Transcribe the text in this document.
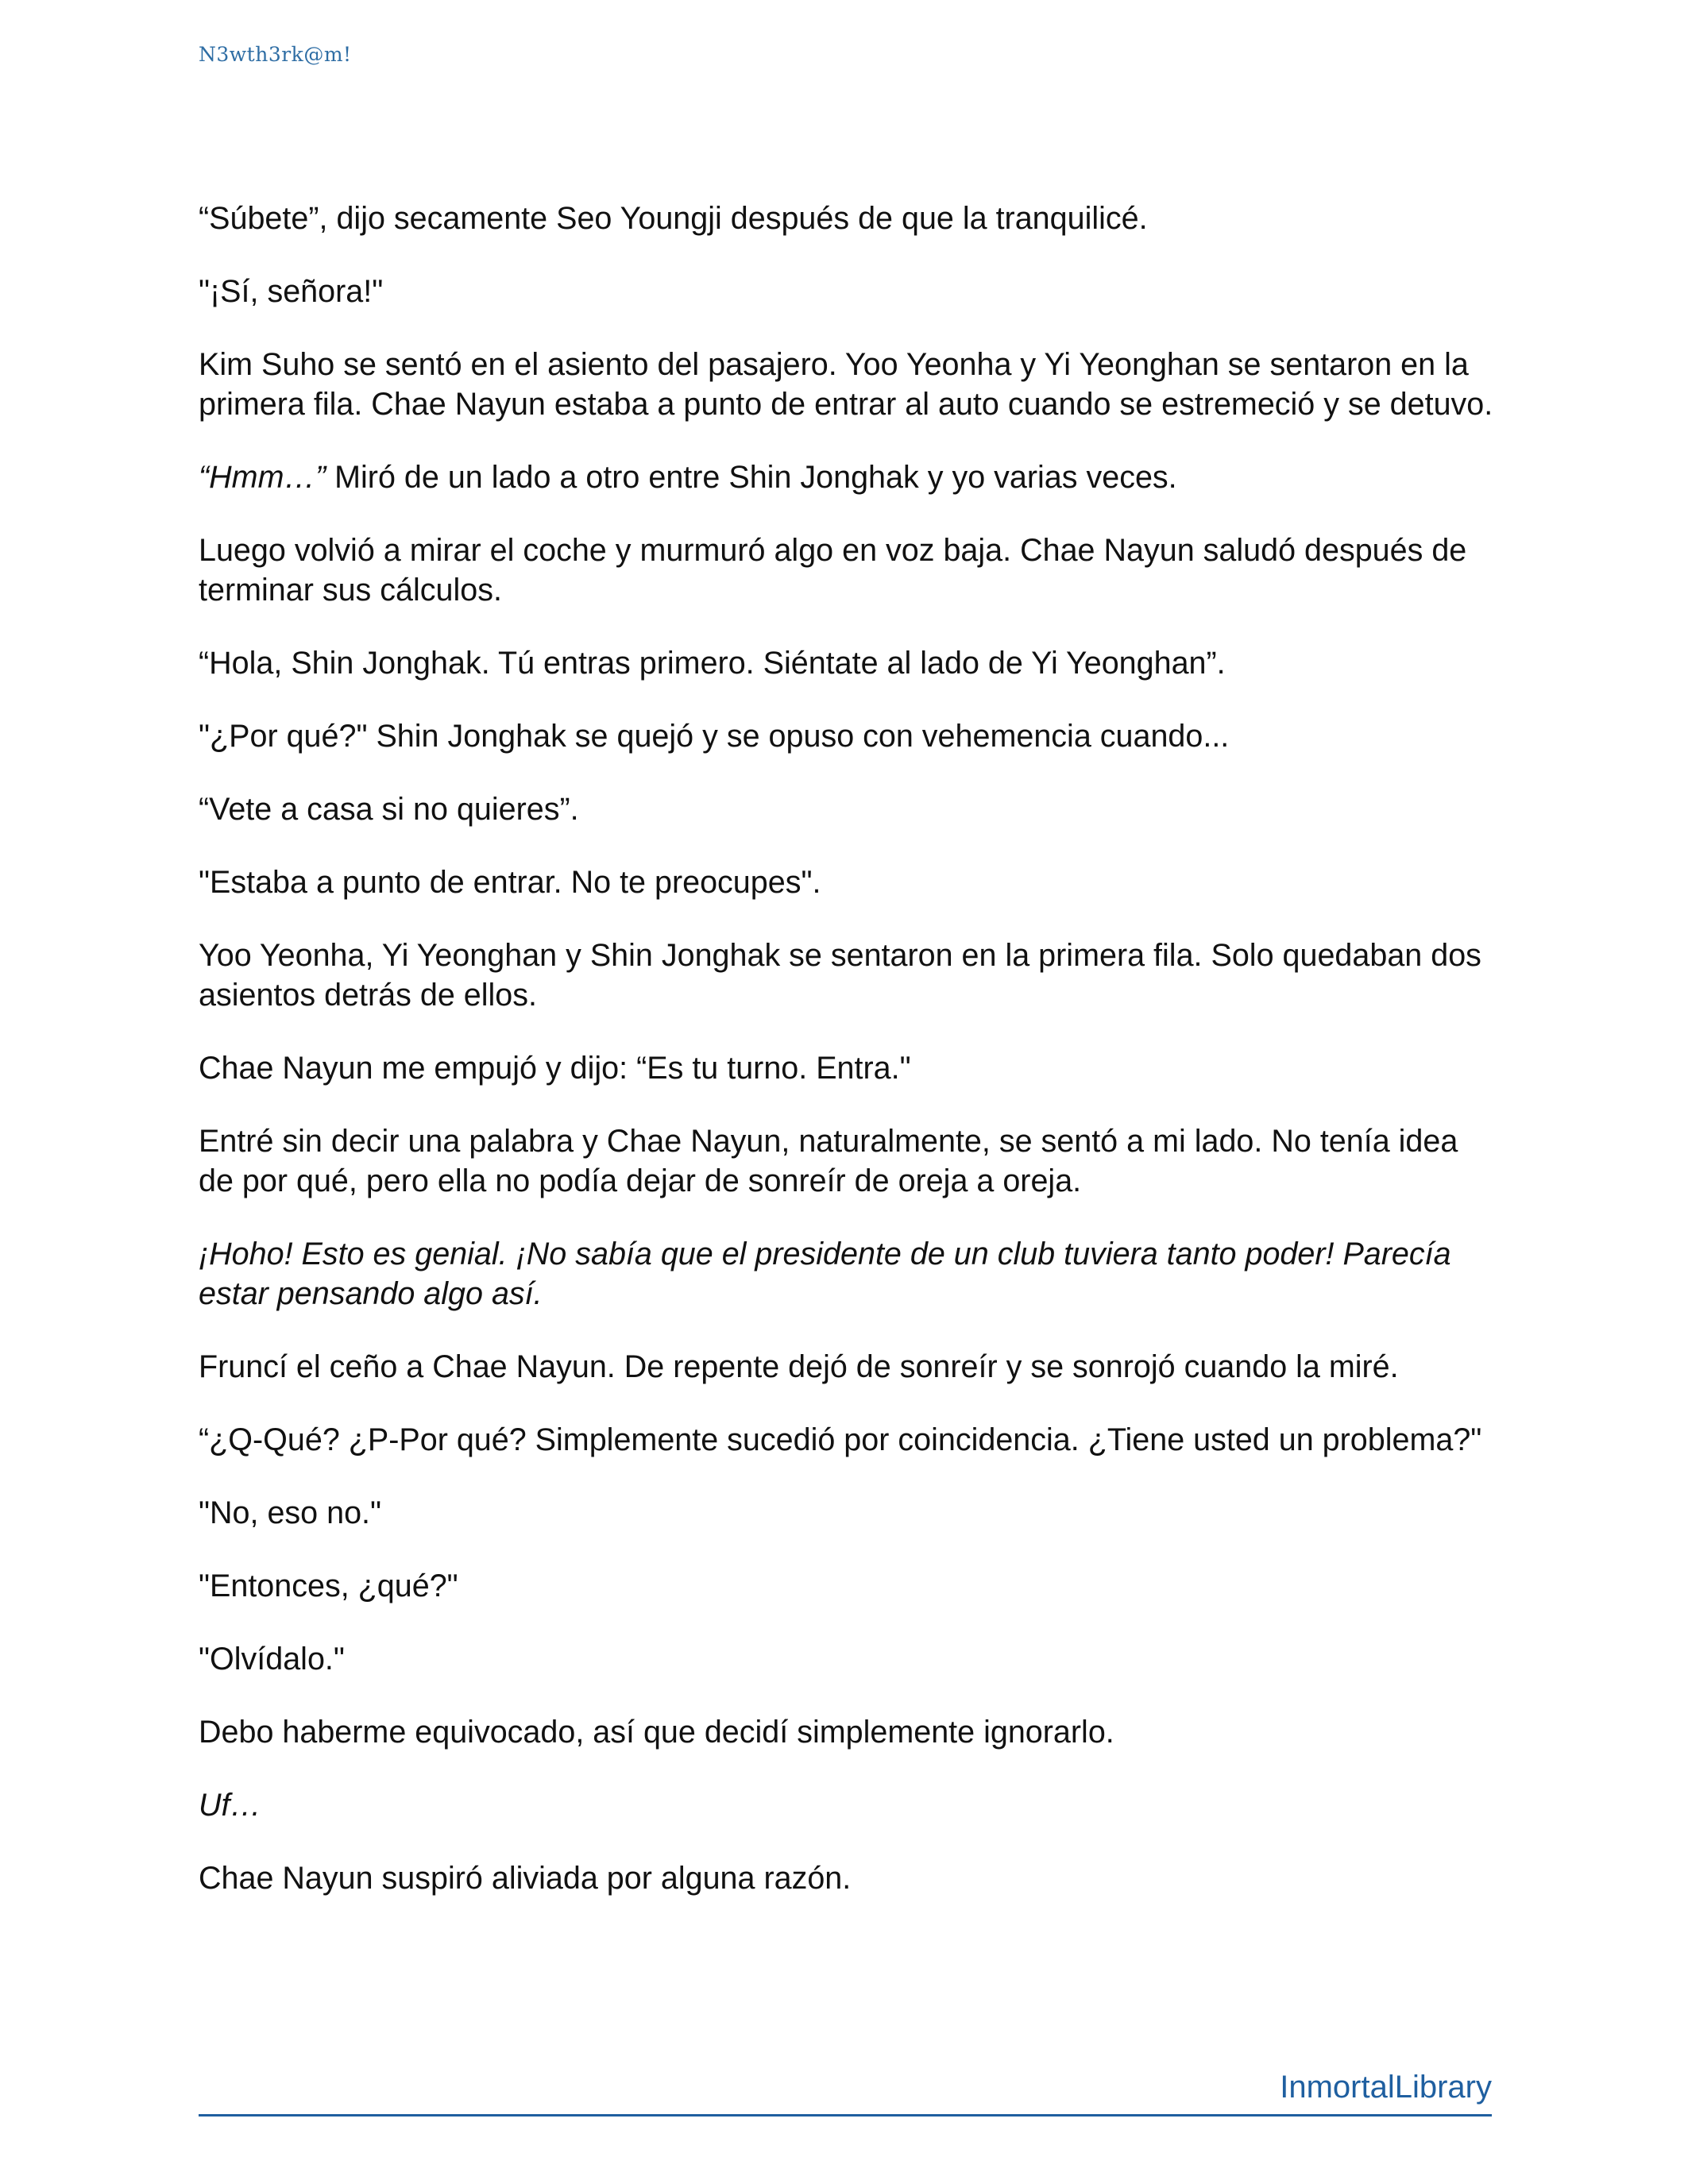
N3wth3rk@m!

“Súbete”, dijo secamente Seo Youngji después de que la tranquilicé.

"¡Sí, señora!"

Kim Suho se sentó en el asiento del pasajero. Yoo Yeonha y Yi Yeonghan se sentaron en la primera fila. Chae Nayun estaba a punto de entrar al auto cuando se estremeció y se detuvo.

“Hmm…” Miró de un lado a otro entre Shin Jonghak y yo varias veces.

Luego volvió a mirar el coche y murmuró algo en voz baja. Chae Nayun saludó después de terminar sus cálculos.

“Hola, Shin Jonghak. Tú entras primero. Siéntate al lado de Yi Yeonghan”.

"¿Por qué?" Shin Jonghak se quejó y se opuso con vehemencia cuando...

“Vete a casa si no quieres”.

"Estaba a punto de entrar. No te preocupes".

Yoo Yeonha, Yi Yeonghan y Shin Jonghak se sentaron en la primera fila. Solo quedaban dos asientos detrás de ellos.

Chae Nayun me empujó y dijo: “Es tu turno. Entra."

Entré sin decir una palabra y Chae Nayun, naturalmente, se sentó a mi lado. No tenía idea de por qué, pero ella no podía dejar de sonreír de oreja a oreja.

¡Hoho! Esto es genial. ¡No sabía que el presidente de un club tuviera tanto poder! Parecía estar pensando algo así.

Fruncí el ceño a Chae Nayun. De repente dejó de sonreír y se sonrojó cuando la miré.

“¿Q-Qué? ¿P-Por qué? Simplemente sucedió por coincidencia. ¿Tiene usted un problema?"

"No, eso no."

"Entonces, ¿qué?"

"Olvídalo."

Debo haberme equivocado, así que decidí simplemente ignorarlo.

Uf…

Chae Nayun suspiró aliviada por alguna razón.

InmortalLibrary
